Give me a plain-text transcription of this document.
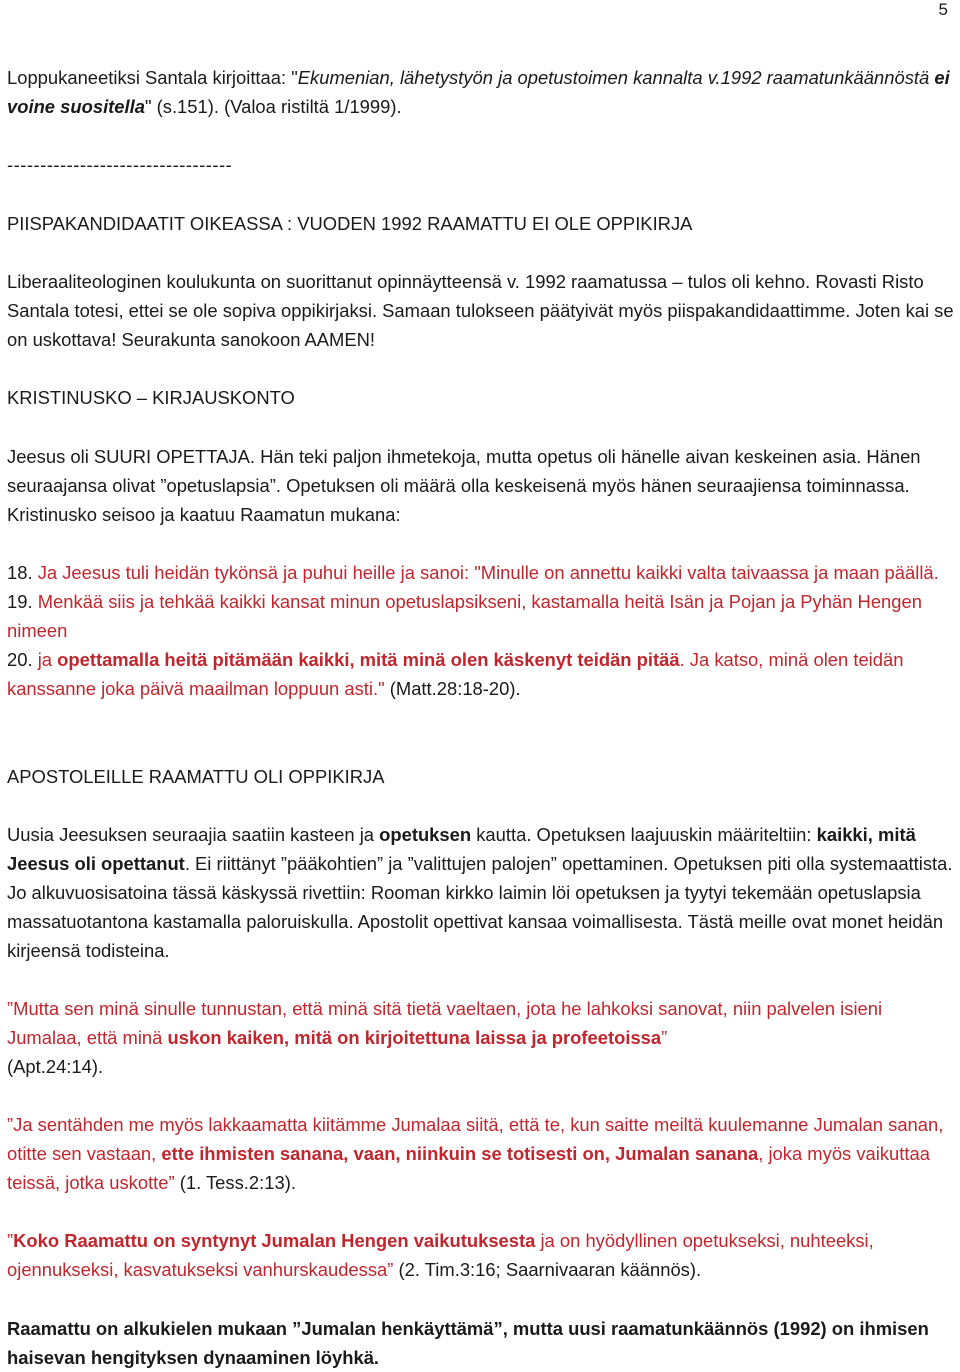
5

Loppukaneetiksi Santala kirjoittaa: "Ekumenian, lähetystyön ja opetustoimen kannalta v.1992 raamatunkäännöstä ei voine suositella" (s.151). (Valoa ristiltä 1/1999).

----------------------------------

PIISPAKANDIDAATIT OIKEASSA : VUODEN 1992 RAAMATTU EI OLE OPPIKIRJA

Liberaaliteologinen koulukunta on suorittanut opinnäytteensä v. 1992 raamatussa – tulos oli kehno. Rovasti Risto Santala totesi, ettei se ole sopiva oppikirjaksi. Samaan tulokseen päätyivät myös piispakandidaattimme. Joten kai se on uskottava! Seurakunta sanokoon AAMEN!

KRISTINUSKO – KIRJAUSKONTO

Jeesus oli SUURI OPETTAJA. Hän teki paljon ihmetekoja, mutta opetus oli hänelle aivan keskeinen asia. Hänen seuraajansa olivat ”opetuslapsia”. Opetuksen oli määrä olla keskeisenä myös hänen seuraajiensa toiminnassa. Kristinusko seisoo ja kaatuu Raamatun mukana:

18. Ja Jeesus tuli heidän tykönsä ja puhui heille ja sanoi: "Minulle on annettu kaikki valta taivaassa ja maan päällä.
19. Menkää siis ja tehkää kaikki kansat minun opetuslapsikseni, kastamalla heitä Isän ja Pojan ja Pyhän Hengen nimeen
20. ja opettamalla heitä pitämään kaikki, mitä minä olen käskenyt teidän pitää. Ja katso, minä olen teidän kanssanne joka päivä maailman loppuun asti." (Matt.28:18-20).

APOSTOLEILLE RAAMATTU OLI OPPIKIRJA

Uusia Jeesuksen seuraajia saatiin kasteen ja opetuksen kautta. Opetuksen laajuuskin määriteltiin: kaikki, mitä Jeesus oli opettanut. Ei riittänyt ”pääkohtien” ja ”valittujen palojen” opettaminen. Opetuksen piti olla systemaattista. Jo alkuvuosisatoina tässä käskyssä rivettiin: Rooman kirkko laimin löi opetuksen ja tyytyi tekemään opetuslapsia massatuotantona kastamalla paloruiskulla. Apostolit opettivat kansaa voimallisesta. Tästä meille ovat monet heidän kirjeensä todisteina.

”Mutta sen minä sinulle tunnustan, että minä sitä tietä vaeltaen, jota he lahkoksi sanovat, niin palvelen isieni Jumalaa, että minä uskon kaiken, mitä on kirjoitettuna laissa ja profeetoissa”
(Apt.24:14).

”Ja sentähden me myös lakkaamatta kiitämme Jumalaa siitä, että te, kun saitte meiltä kuulemanne Jumalan sanan, otitte sen vastaan, ette ihmisten sanana, vaan, niinkuin se totisesti on, Jumalan sanana, joka myös vaikuttaa teissä, jotka uskotte” (1. Tess.2:13).

”Koko Raamattu on syntynyt Jumalan Hengen vaikutuksesta ja on hyödyllinen opetukseksi, nuhteeksi, ojennukseksi, kasvatukseksi vanhurskaudessa” (2. Tim.3:16; Saarnivaaran käännös).

Raamattu on alkukielen mukaan ”Jumalan henkäyttämä”, mutta uusi raamatunkäännös (1992) on ihmisen haisevan hengityksen dynaaminen löyhkä.
